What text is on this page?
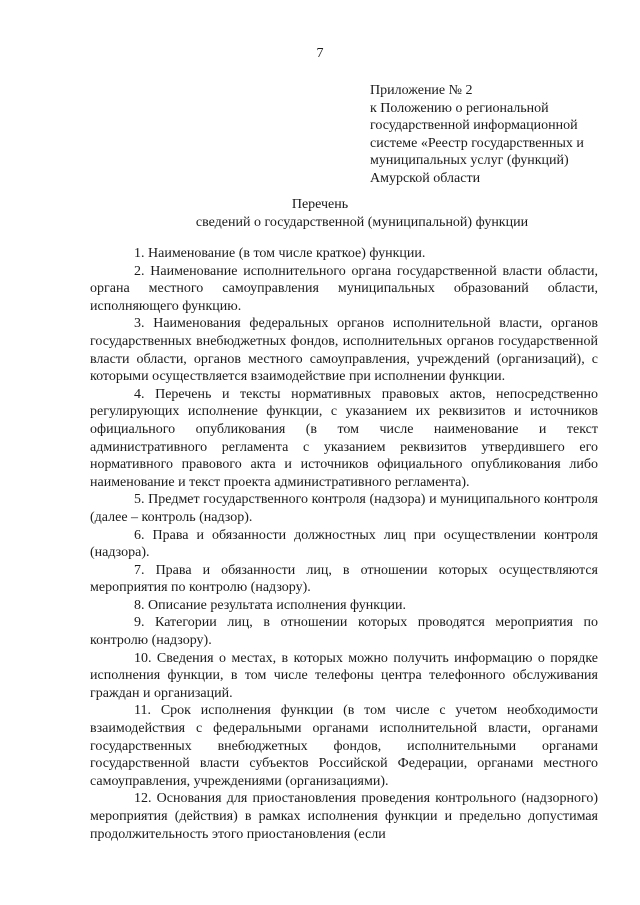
7
Приложение № 2
к Положению о региональной
государственной информационной
системе «Реестр государственных и
муниципальных услуг (функций)
Амурской области
Перечень
сведений о государственной (муниципальной) функции

1. Наименование (в том числе краткое) функции.

2. Наименование исполнительного органа государственной власти области, органа местного самоуправления муниципальных образований области, исполняющего функцию.

3. Наименования федеральных органов исполнительной власти, органов государственных внебюджетных фондов, исполнительных органов государственной власти области, органов местного самоуправления, учреждений (организаций), с которыми осуществляется взаимодействие при исполнении функции.

4. Перечень и тексты нормативных правовых актов, непосредственно регулирующих исполнение функции, с указанием их реквизитов и источников официального опубликования (в том числе наименование и текст административного регламента с указанием реквизитов утвердившего его нормативного правового акта и источников официального опубликования либо наименование и текст проекта административного регламента).

5. Предмет государственного контроля (надзора) и муниципального контроля (далее – контроль (надзор).

6. Права и обязанности должностных лиц при осуществлении контроля (надзора).

7. Права и обязанности лиц, в отношении которых осуществляются мероприятия по контролю (надзору).

8. Описание результата исполнения функции.

9. Категории лиц, в отношении которых проводятся мероприятия по контролю (надзору).

10. Сведения о местах, в которых можно получить информацию о порядке исполнения функции, в том числе телефоны центра телефонного обслуживания граждан и организаций.

11. Срок исполнения функции (в том числе с учетом необходимости взаимодействия с федеральными органами исполнительной власти, органами государственных внебюджетных фондов, исполнительными органами государственной власти субъектов Российской Федерации, органами местного самоуправления, учреждениями (организациями).

12. Основания для приостановления проведения контрольного (надзорного) мероприятия (действия) в рамках исполнения функции и предельно допустимая продолжительность этого приостановления (если
